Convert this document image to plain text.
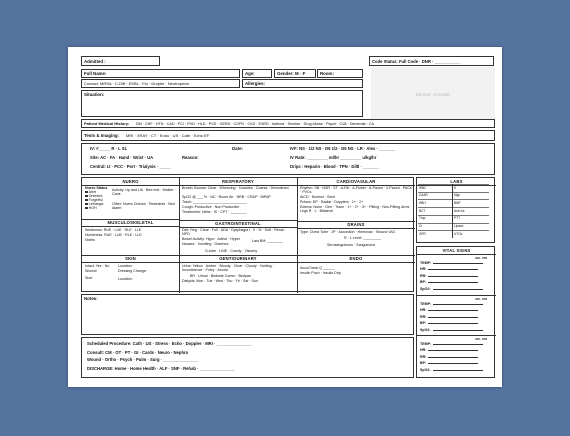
Admitted :	Code Status: Full Code · DNR · ___________
PATIENT STICKER
Full Name:	Age:	Gender: M · F	Room:
Contact: MRSA · C-Diff · ESBL · Flu · Droplet · Neutropenic	Allergies:
Situation:
Patient Medical History: DM · CHF · HTN · CAD · PCI · PVD · HLD · PVD · GERD · COPD · CKD · ESRD · Asthma · Smoker · Drug Abuse · Psych · CVA · Dementia · CA
Tests & Imaging: MRI · XRAY · CT · Endo · US · Cath · Echo EF :
IV: #_____ R · L SL	Date:
Site: AC · FA · Hand · Wrist · UA	Reason:
Central: IJ · PCC · Port · Trialysis · _____
IVF: NS · 1/2 NS · D5 1/2 · D5 NS · LR · Alex · _______
IV Rate: _________ ml/hr _________ u/kg/hr
Drips : Heparin · Blood · TPN · Diltl · _______
NUERO
Nuero Status
Alert
Oriented
Forgetful
Lethargic
HOH
Activity: Up and Lib · Bed rest · Walker · Cane
Other: Nuero Checks · Restraints · Bed Alarm
RESPIRATORY
Breath Sounds: Clear · Wheezing · Crackles · Coarse · Diminished
SpO2 @ ___ % · NC · Room Air · NRB · CRAP · BIPAP
Trach: ___________________________
Cough: Productive · Non Productive
Treatments: Nebs · IS · CPT · ________
CARDIOVASULAR
Rhythm: SB · NSR · ST · A-Fib · A-Flutter · A-Paced · V-Paced · PACs · PVCs
AICD · Murmur · Bruit
Pulses: DP · Radial · Dopplers · 1+ · 2+
Edema: None · Gen · Trace · 1+ · 2+ · 3+ · Pitting · Non-Pitting Arms · Legs R · L · Bilateral
MUSCULOSKELETAL
Weakness: RUE · LUE · RLE · LLE
Numbness: RUE · LUE · RLE · LLE
Notes:
GASTROINTESTINAL
Diet: Reg · Clear · Full · ADA · Dysphagia I · II · III · Soft · Renal · NPO
Bowel Activity: Hypo · Active · Hyper	Last BM: ________
Nausea · Vomiting · Diarrhea
G-tube · LINE · Cravity · Ostomy
DRAINS
Type: Chest Tube · JP · Accordion · Hemovac · Wound VAC
R · L Level: _________
Serosanguinous · Sanguinous
SKIN
Intact: Yes · No Location:
Wound:	Dressing Change:
Size:	Location:
GENTIOURINARY
Urine: Yellow · Amber · Bloody · Clear · Cloudy · Voiding · Incontinence · Foley · Anuria
BR · Urinal · Bedside Comm · Bedpan
Dialysis: Mon · Tue · Wed · Thu · Fri · Sat · Sun
ENDO
AccuCheck Q ______
Insulin Push · Insulin Drip
Notes:
LABS
WBC	K
CAAR	Mgc
HBH	BNP
BCT	Anti-Xa
Trop	PTT
Cr	Lipase
GFR	UTOs
VITAL SIGNS
AM · PM
TEMP:
HR:
RR:
BP:
SpO2:
AM · PM
TEMP:
HR:
RR:
BP:
SpO2:
AM · PM
TEMP:
HR:
RR:
BP:
SpO2:
Scheduled Procedure: Cath · US · Stress · Echo · Doppler · MRI · _______________
Consult: CM · OT · PT · GI · Cards · Neuro · Nephro
Wound · Ortho · Psych · Pulm · Surg · _______________
DISCHARGE: Home · Home Health · ALF · SNF · Rehab · _______________
